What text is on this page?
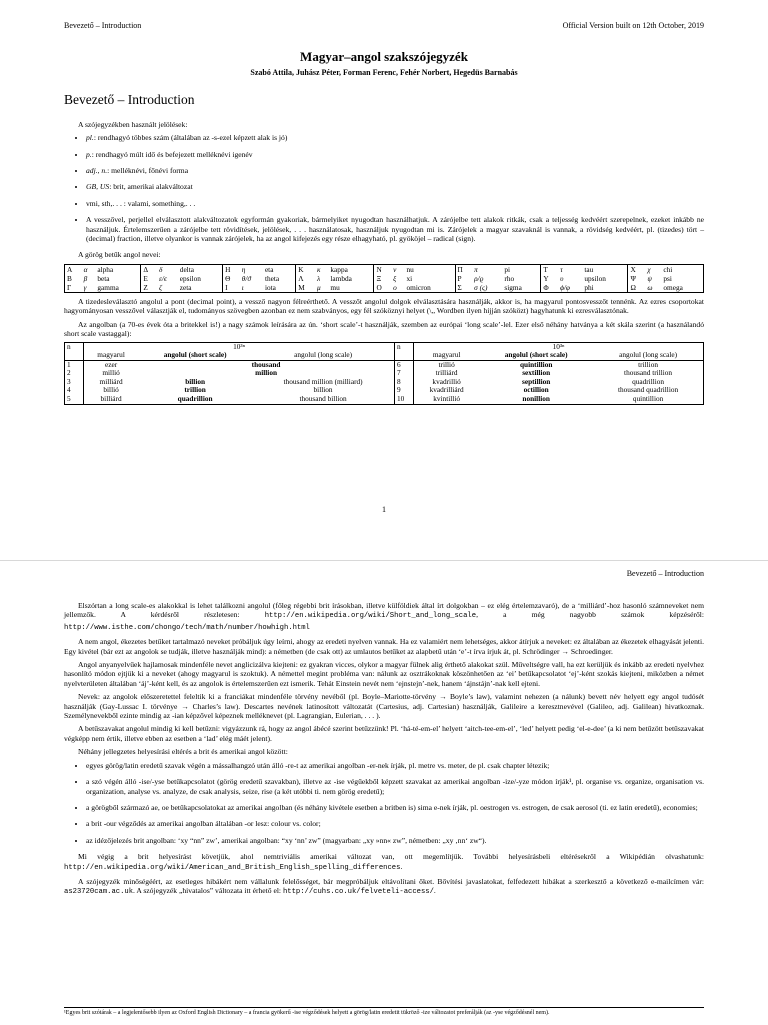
Bevezető – Introduction	Official Version built on 12th October, 2019

Magyar–angol szakszójegyzék

Szabó Attila, Juhász Péter, Forman Ferenc, Fehér Norbert, Hegedüs Barnabás

Bevezető – Introduction

A szójegyzékben használt jelölések:

• pl.: rendhagyó többes szám (általában az -s-ezel képzett alak is jó)
• p.: rendhagyó múlt idő és befejezett melléknévi igenév
• adj., n.: melléknévi, főnévi forma
• GB, US: brit, amerikai alakváltozat
• vmi, sth,. . . : valami, something,. . .
• A vesszővel, perjellel elválasztott alakváltozatok egyformán gyakoriak, bármelyiket nyugodtan használhatjuk. A zárójelbe tett alakok ritkák, csak a teljesség kedvéért szerepelnek, ezeket inkább ne használjuk. Értelemszerűen a zárójelbe tett rövidítések, jelölések, . . . használatosak, használjuk nyugodtan mi is. Zárójelek a magyar szavaknál is vannak, a rövidség kedvéért, pl. (tizedes) tört – (decimal) fraction, illetve olyankor is vannak zárójelek, ha az angol kifejezés egy része elhagyható, pl. gyököjel – radical (sign).

A görög betűk angol nevei:

Α	α	alpha	Δ	δ	delta	Η	η	eta	Κ	κ	kappa	Ν	ν	nu	Π	π	pi	Τ	τ	tau	Χ	χ	chi
Β	β	beta	Ε	ε/ϵ	epsilon	Θ	θ/ϑ	theta	Λ	λ	lambda	Ξ	ξ	xi	Ρ	ρ/ϱ	rho	Υ	υ	upsilon	Ψ	ψ	psi
Γ	γ	gamma	Ζ	ζ	zeta	Ι	ι	iota	Μ	μ	mu	Ο	o	omicron	Σ	σ (ς)	sigma	Φ	ϕ/φ	phi	Ω	ω	omega

A tizedesleválasztó angolul a pont (decimal point), a vessző nagyon félreérthető. A vesszőt angolul dolgok elválasztására használják, akkor is, ha magyarul pontosvesszőt tennénk. Az ezres csoportokat hagyományosan vesszővel választják el, tudományos szövegben azonban ez nem szabványos, egy fél szóköznyi helyet (\,, Wordben ilyen hijján szóközt) hagyhatunk ki ezresválasztónak.

Az angolban (a 70-es évek óta a britekkel is!) a nagy számok leírására az ún. ‘short scale’-t használják, szemben az európai ‘long scale’-lel. Ezer első néhány hatványa a két skála szerint (a használandó short scale vastaggal):

n	10³ⁿ			n	10³ⁿ		
	magyarul	angolul (short scale)	angolul (long scale)		magyarul	angolul (short scale)	angolul (long scale)
1	ezer	thousand		6	trillió	quintillion	trillion
2	millió	million		7	trilliárd	sextillion	thousand trillion
3	milliárd	billion	thousand million (milliard)	8	kvadrillió	septillion	quadrillion
4	billió	trillion	billion	9	kvadrilliárd	octillion	thousand quadrillion
5	billiárd	quadrillion	thousand billion	10	kvintillió	nonillion	quintillion
1
Bevezető – Introduction

Elszórtan a long scale-es alakokkal is lehet találkozni angolul (főleg régebbi brit írásokban, illetve külföldiek által írt dolgokban – ez elég értelemzavaró), de a ‘milliárd’-hoz hasonló számneveket nem jellemzők. A kérdésről részletesen: http://en.wikipedia.org/wiki/Short_and_long_scale, a még nagyobb számok képzéséről: http://www.isthe.com/chongo/tech/math/number/howhigh.html

A nem angol, ékezetes betűket tartalmazó neveket próbáljuk úgy leírni, ahogy az eredeti nyelven vannak. Ha ez valamiért nem lehetséges, akkor átírjuk a neveket: ez általában az ékezetek elhagyását jelenti. Egy kivétel (bár ezt az angolok se tudják, illetve használják mind): a németben (de csak ott) az umlautos betűket az alapbetű után ‘e’-t írva írjuk át, pl. Schrödinger → Schroedinger.

Angol anyanyelvűek hajlamosak mindenféle nevet anglicizálva kiejteni: ez gyakran vicces, olykor a magyar fülnek alig érthető alakokat szül. Műveltségre vall, ha ezt kerüljük és inkább az eredeti nyelvhez hasonlító módon ejtjük ki a neveket (ahogy magyarul is szoktuk). A némettel megint probléma van: nálunk az osztrákoknak köszönhetően az ‘ei’ betűkapcsolatot ‘ej’-ként szokás kiejteni, miközben a német nyelvterületen általában ‘áj’-ként kell, és az angolok is értelemszerűen ezt ismerik. Tehát Einstein nevét nem ‘ejnstejn’-nek, hanem ‘ájnstájn’-nak kell ejteni.

Nevek: az angolok előszeretettel feleltik ki a franciákat mindenféle törvény nevéből (pl. Boyle–Mariotte-törvény → Boyle’s law), valamint nehezen (a nálunk) bevett név helyett egy angol tudósét használják (Gay-Lussac I. törvénye → Charles’s law). Descartes nevének latinosított változatát (Cartesius, adj. Cartesian) használják, Galileire a keresztnevével (Galileo, adj. Galilean) hivatkoznak. Személynevekből ezinte mindig az -ian képzővel képeznek melléknevet (pl. Lagrangian, Eulerian, . . . ).

A betűszavakat angolul mindig ki kell betűzni: vigyázzunk rá, hogy az angol ábécé szerint betűzzünk! Pl. ‘há-té-em-el’ helyett ‘aitch-tee-em-el’, ‘led’ helyett pedig ‘el-e-dee’ (a ki nem betűzött betűszavakat végképp nem értik, illetve ebben az esetben a ‘lad’ elég máét jelent).

Néhány jellegzetes helyesírási eltérés a brit és amerikai angol között:

• egyes görög/latin eredetű szavak végén a mássalhangzó után álló -re-t az amerikai angolban -er-nek írják, pl. metre vs. meter, de pl. csak chapter létezik;
• a szó végén álló -ise/-yse betűkapcsolatot (görög eredetű szavakban), illetve az -ise végűekből képzett szavakat az amerikai angolban -ize/-yze módon írják¹, pl. organise vs. organize, organisation vs. organization, analyse vs. analyze, de csak analysis, seize, rise (a két utóbbi ti. nem görög eredetű);
• a görögből származó ae, oe betűkapcsolatokat az amerikai angolban (és néhány kivétele esetben a britben is) sima e-nek írják, pl. oestrogen vs. estrogen, de csak aerosol (ti. ez latin eredetű), economies;
• a brit -our végződés az amerikai angolban általában -or lesz: colour vs. color;
• az idézőjelezés brit angolban: ‘xy “nn” zw’, amerikai angolban: “xy ‘nn’ zw” (magyarban: „xy »nn« zw”, németben: „xy ‚nn‘ zw“).

Mi végig a brit helyesírást követjük, ahol nemtriviális amerikai változat van, ott megemlítjük. További helyesírásbeli eltérésekről a Wikipédián olvashatunk: http://en.wikipedia.org/wiki/American_and_British_English_spelling_differences.

A szójegyzék minőségéért, az esetleges hibákért nem vállalunk felelősséget, bár megpróbáljuk eltávolítani őket. Bővítési javaslatokat, felfedezett hibákat a szerkesztő a következő e-mailcímen vár: as23720cam.ac.uk. A szójegyzék „hivatalos” változata itt érhető el: http://cuhs.co.uk/felveteli-access/.

¹Egyes brit szótárak – a legjelentősebb ilyen az Oxford English Dictionary – a francia gyökerű -ise végződések helyett a görög/latin eredetit tükröző -ize változatot preferálják (az -yse végződésnél nem).
